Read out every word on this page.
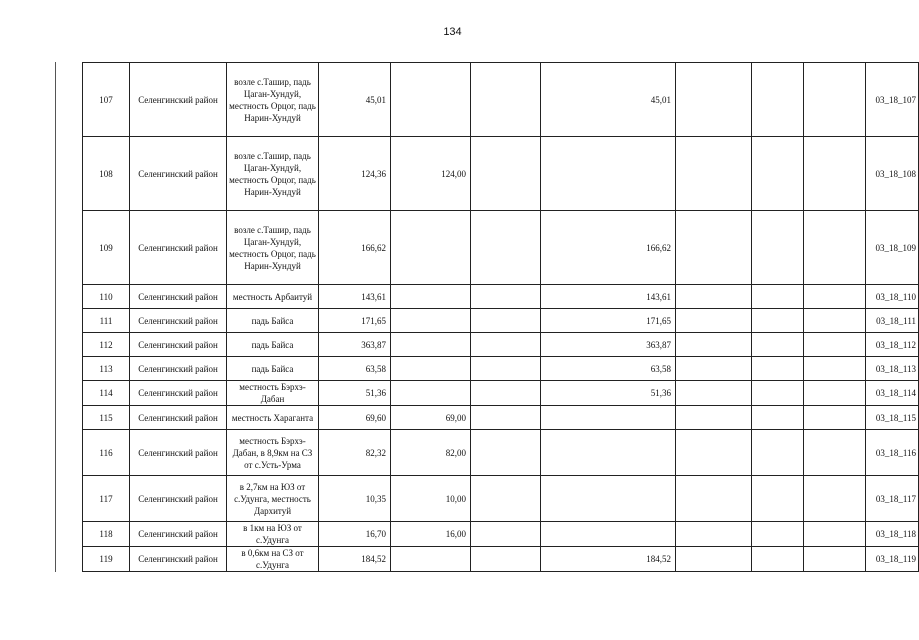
134
107	Селенгинский район	возле с.Ташир, падь Цаган-Хундуй, местность Орцог, падь Нарин-Хундуй	45,01			45,01				03_18_107
108	Селенгинский район	возле с.Ташир, падь Цаган-Хундуй, местность Орцог, падь Нарин-Хундуй	124,36	124,00						03_18_108
109	Селенгинский район	возле с.Ташир, падь Цаган-Хундуй, местность Орцог, падь Нарин-Хундуй	166,62			166,62				03_18_109
110	Селенгинский район	местность Арбаитуй	143,61			143,61				03_18_110
111	Селенгинский район	падь Байса	171,65			171,65				03_18_111
112	Селенгинский район	падь Байса	363,87			363,87				03_18_112
113	Селенгинский район	падь Байса	63,58			63,58				03_18_113
114	Селенгинский район	местность Бэрхэ-Дабан	51,36			51,36				03_18_114
115	Селенгинский район	местность Хараганта	69,60	69,00						03_18_115
116	Селенгинский район	местность Бэрхэ-Дабан, в 8,9км на СЗ от с.Усть-Урма	82,32	82,00						03_18_116
117	Селенгинский район	в 2,7км на ЮЗ от с.Удунга, местность Дархитуй	10,35	10,00						03_18_117
118	Селенгинский район	в 1км на ЮЗ от с.Удунга	16,70	16,00						03_18_118
119	Селенгинский район	в 0,6км на СЗ от с.Удунга	184,52			184,52				03_18_119
